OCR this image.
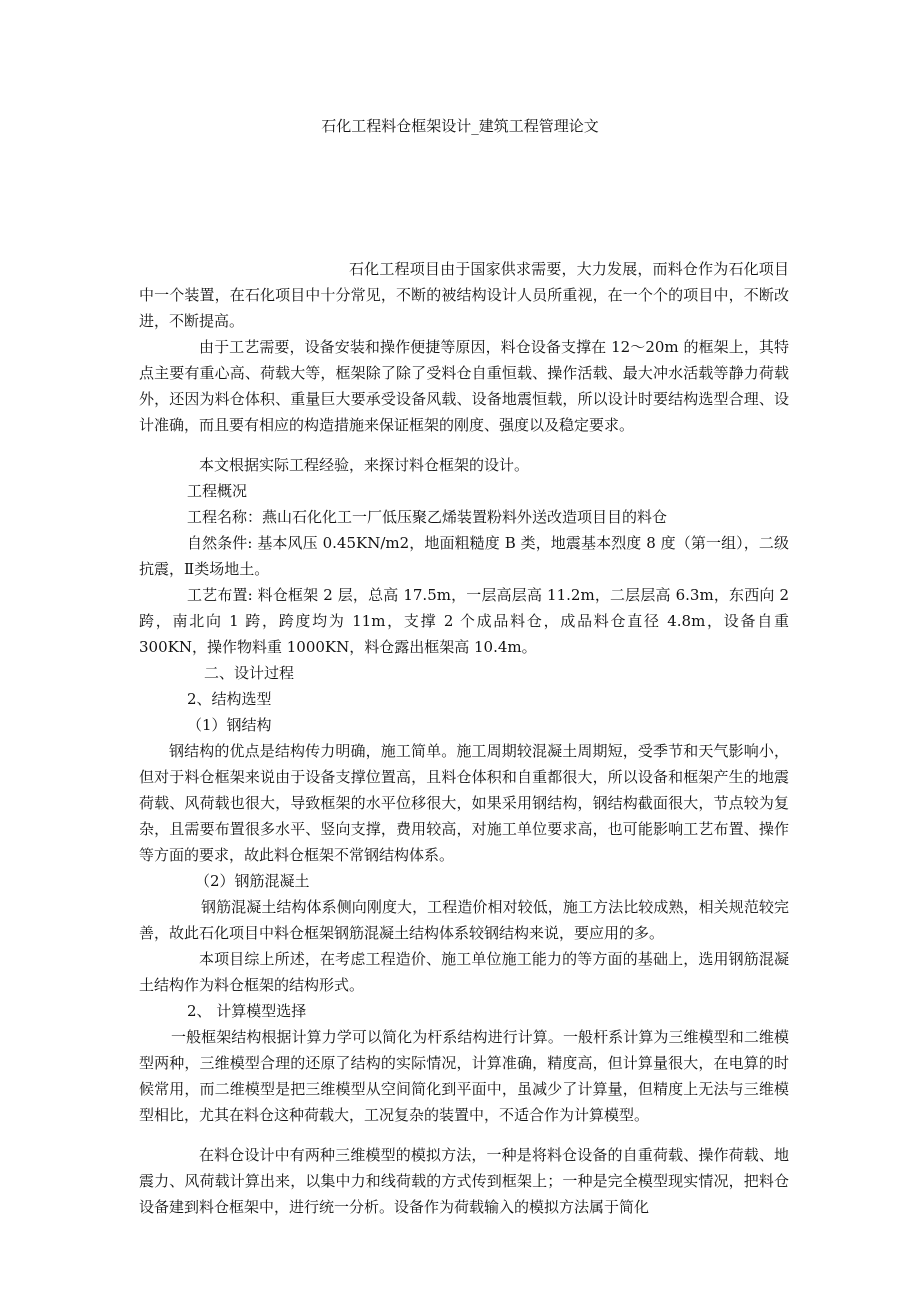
石化工程料仓框架设计_建筑工程管理论文

石化工程项目由于国家供求需要，大力发展，而料仓作为石化项目中一个装置，在石化项目中十分常见，不断的被结构设计人员所重视，在一个个的项目中，不断改进，不断提高。

由于工艺需要，设备安装和操作便捷等原因，料仓设备支撑在 12～20m 的框架上，其特点主要有重心高、荷载大等，框架除了除了受料仓自重恒载、操作活载、最大冲水活载等静力荷载外，还因为料仓体积、重量巨大要承受设备风载、设备地震恒载，所以设计时要结构选型合理、设计准确，而且要有相应的构造措施来保证框架的刚度、强度以及稳定要求。

本文根据实际工程经验，来探讨料仓框架的设计。

工程概况

工程名称：燕山石化化工一厂低压聚乙烯装置粉料外送改造项目目的料仓

自然条件: 基本风压 0.45KN/m2，地面粗糙度 B 类，地震基本烈度 8 度（第一组），二级抗震，Ⅱ类场地土。

工艺布置: 料仓框架 2 层，总高 17.5m，一层高层高 11.2m，二层层高 6.3m，东西向 2 跨，南北向 1 跨，跨度均为 11m，支撑 2 个成品料仓，成品料仓直径 4.8m，设备自重 300KN，操作物料重 1000KN，料仓露出框架高 10.4m。

二、设计过程

2、结构选型

（1）钢结构

钢结构的优点是结构传力明确，施工简单。施工周期较混凝土周期短，受季节和天气影响小，但对于料仓框架来说由于设备支撑位置高，且料仓体积和自重都很大，所以设备和框架产生的地震荷载、风荷载也很大，导致框架的水平位移很大，如果采用钢结构，钢结构截面很大，节点较为复杂，且需要布置很多水平、竖向支撑，费用较高，对施工单位要求高，也可能影响工艺布置、操作等方面的要求，故此料仓框架不常钢结构体系。

（2）钢筋混凝土

钢筋混凝土结构体系侧向刚度大，工程造价相对较低，施工方法比较成熟，相关规范较完善，故此石化项目中料仓框架钢筋混凝土结构体系较钢结构来说，要应用的多。

本项目综上所述，在考虑工程造价、施工单位施工能力的等方面的基础上，选用钢筋混凝土结构作为料仓框架的结构形式。

2、 计算模型选择

一般框架结构根据计算力学可以简化为杆系结构进行计算。一般杆系计算为三维模型和二维模型两种，三维模型合理的还原了结构的实际情况，计算准确，精度高，但计算量很大，在电算的时候常用，而二维模型是把三维模型从空间简化到平面中，虽减少了计算量，但精度上无法与三维模型相比，尤其在料仓这种荷载大，工况复杂的装置中，不适合作为计算模型。

在料仓设计中有两种三维模型的模拟方法，一种是将料仓设备的自重荷载、操作荷载、地震力、风荷载计算出来，以集中力和线荷载的方式传到框架上；一种是完全模型现实情况，把料仓设备建到料仓框架中，进行统一分析。设备作为荷载输入的模拟方法属于简化
